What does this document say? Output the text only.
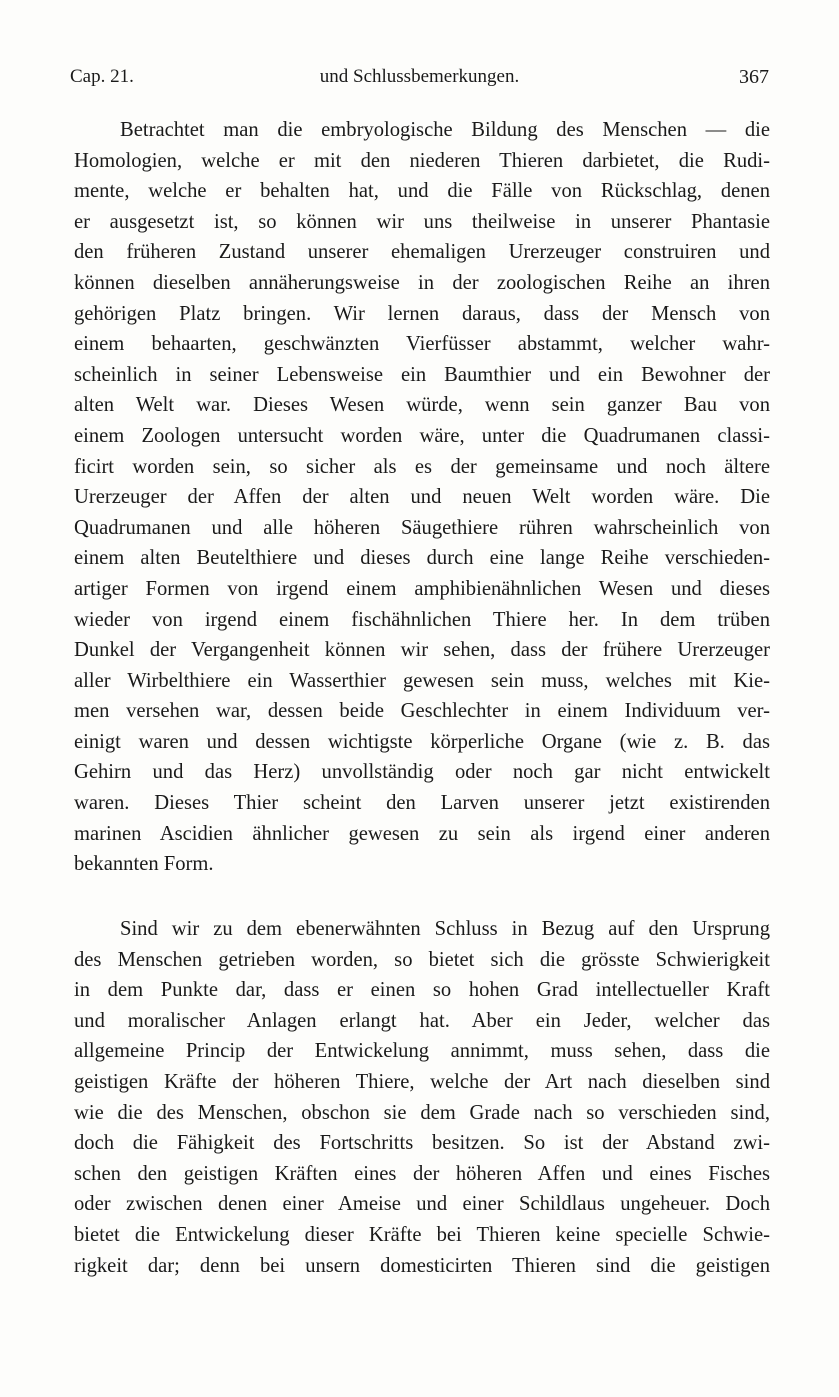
Cap. 21.	und Schlussbemerkungen.	367
Betrachtet man die embryologische Bildung des Menschen — die
Homologien, welche er mit den niederen Thieren darbietet, die Rudi-
mente, welche er behalten hat, und die Fälle von Rückschlag, denen
er ausgesetzt ist, so können wir uns theilweise in unserer Phantasie
den früheren Zustand unserer ehemaligen Urerzeuger construiren und
können dieselben annäherungsweise in der zoologischen Reihe an ihren
gehörigen Platz bringen. Wir lernen daraus, dass der Mensch von
einem behaarten, geschwänzten Vierfüsser abstammt, welcher wahr-
scheinlich in seiner Lebensweise ein Baumthier und ein Bewohner der
alten Welt war. Dieses Wesen würde, wenn sein ganzer Bau von
einem Zoologen untersucht worden wäre, unter die Quadrumanen classi-
ficirt worden sein, so sicher als es der gemeinsame und noch ältere
Urerzeuger der Affen der alten und neuen Welt worden wäre. Die
Quadrumanen und alle höheren Säugethiere rühren wahrscheinlich von
einem alten Beutelthiere und dieses durch eine lange Reihe verschieden-
artiger Formen von irgend einem amphibienähnlichen Wesen und dieses
wieder von irgend einem fischähnlichen Thiere her. In dem trüben
Dunkel der Vergangenheit können wir sehen, dass der frühere Urerzeuger
aller Wirbelthiere ein Wasserthier gewesen sein muss, welches mit Kie-
men versehen war, dessen beide Geschlechter in einem Individuum ver-
einigt waren und dessen wichtigste körperliche Organe (wie z. B. das
Gehirn und das Herz) unvollständig oder noch gar nicht entwickelt
waren. Dieses Thier scheint den Larven unserer jetzt existirenden
marinen Ascidien ähnlicher gewesen zu sein als irgend einer anderen
bekannten Form.
Sind wir zu dem ebenerwähnten Schluss in Bezug auf den Ursprung
des Menschen getrieben worden, so bietet sich die grösste Schwierigkeit
in dem Punkte dar, dass er einen so hohen Grad intellectueller Kraft
und moralischer Anlagen erlangt hat. Aber ein Jeder, welcher das
allgemeine Princip der Entwickelung annimmt, muss sehen, dass die
geistigen Kräfte der höheren Thiere, welche der Art nach dieselben sind
wie die des Menschen, obschon sie dem Grade nach so verschieden sind,
doch die Fähigkeit des Fortschritts besitzen. So ist der Abstand zwi-
schen den geistigen Kräften eines der höheren Affen und eines Fisches
oder zwischen denen einer Ameise und einer Schildlaus ungeheuer. Doch
bietet die Entwickelung dieser Kräfte bei Thieren keine specielle Schwie-
rigkeit dar; denn bei unsern domesticirten Thieren sind die geistigen
